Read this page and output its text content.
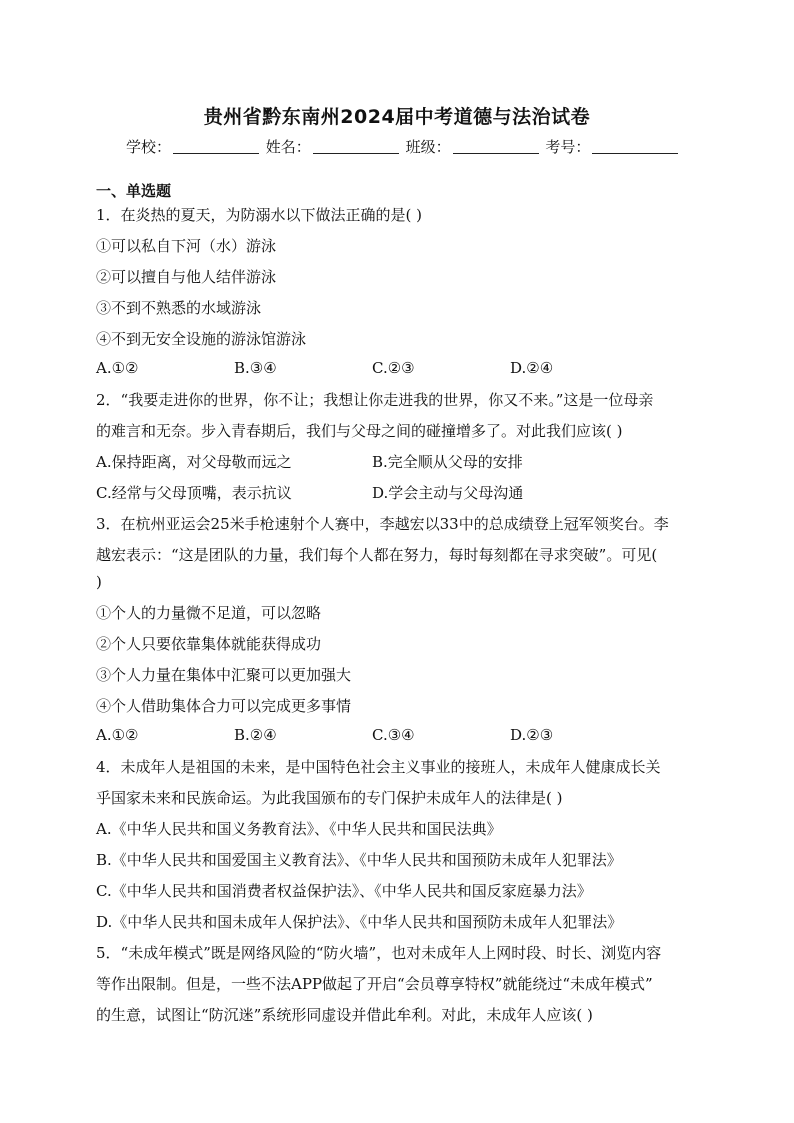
贵州省黔东南州2024届中考道德与法治试卷
学校：	姓名：	班级：	考号：
一、单选题
1．在炎热的夏天，为防溺水以下做法正确的是( )
①可以私自下河（水）游泳
②可以擅自与他人结伴游泳
③不到不熟悉的水域游泳
④不到无安全设施的游泳馆游泳
A.①②	B.③④	C.②③	D.②④
2．“我要走进你的世界，你不让；我想让你走进我的世界，你又不来。”这是一位母亲
的难言和无奈。步入青春期后，我们与父母之间的碰撞增多了。对此我们应该( )
A.保持距离，对父母敬而远之	B.完全顺从父母的安排
C.经常与父母顶嘴，表示抗议	D.学会主动与父母沟通
3．在杭州亚运会25米手枪速射个人赛中，李越宏以33中的总成绩登上冠军领奖台。李
越宏表示：“这是团队的力量，我们每个人都在努力，每时每刻都在寻求突破”。可见(
)
①个人的力量微不足道，可以忽略
②个人只要依靠集体就能获得成功
③个人力量在集体中汇聚可以更加强大
④个人借助集体合力可以完成更多事情
A.①②	B.②④	C.③④	D.②③
4．未成年人是祖国的未来，是中国特色社会主义事业的接班人，未成年人健康成长关
乎国家未来和民族命运。为此我国颁布的专门保护未成年人的法律是( )
A.《中华人民共和国义务教育法》、《中华人民共和国民法典》
B.《中华人民共和国爱国主义教育法》、《中华人民共和国预防未成年人犯罪法》
C.《中华人民共和国消费者权益保护法》、《中华人民共和国反家庭暴力法》
D.《中华人民共和国未成年人保护法》、《中华人民共和国预防未成年人犯罪法》
5．“未成年模式”既是网络风险的“防火墙”，也对未成年人上网时段、时长、浏览内容
等作出限制。但是，一些不法APP做起了开启“会员尊享特权”就能绕过“未成年模式”
的生意，试图让“防沉迷”系统形同虚设并借此牟利。对此，未成年人应该( )
